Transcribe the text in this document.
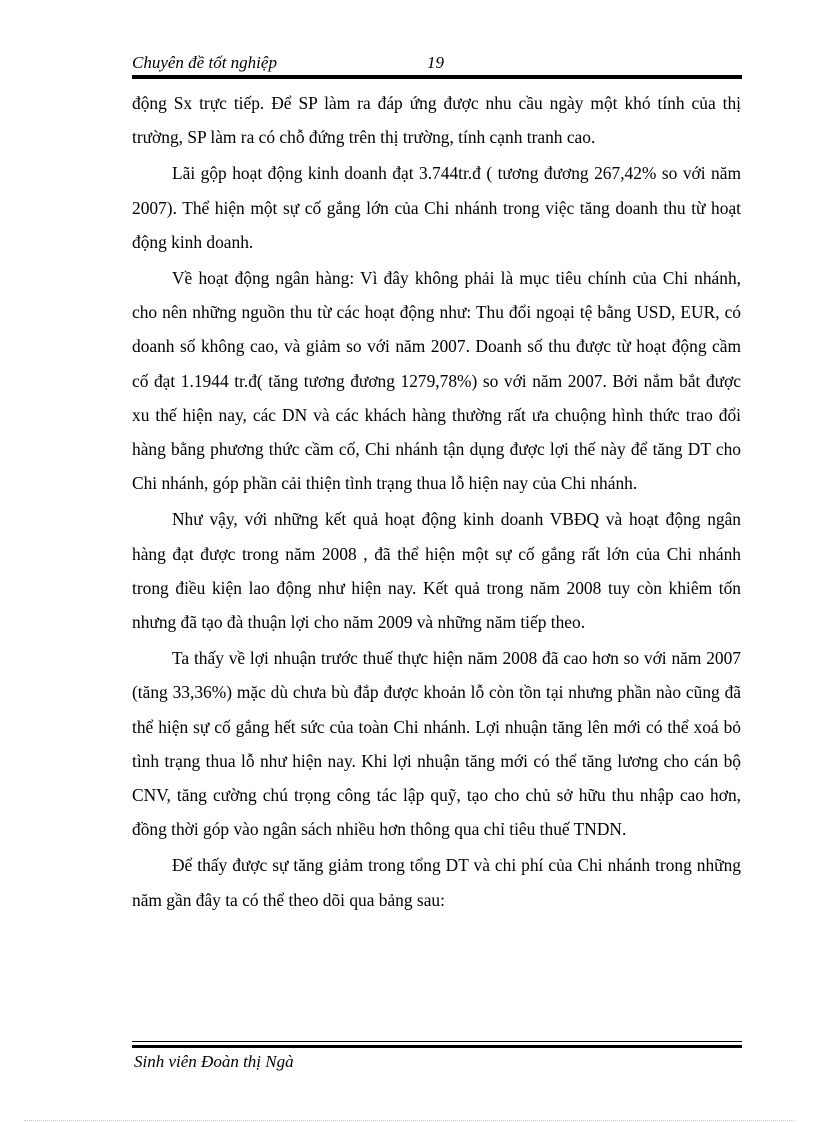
Chuyên đề tốt nghiệp	19

động Sx trực tiếp. Để SP làm ra đáp ứng được nhu cầu ngày một khó tính của thị trường, SP làm ra có chỗ đứng trên thị trường, tính cạnh tranh cao.

Lãi gộp hoạt động kinh doanh đạt 3.744tr.đ ( tương đương 267,42% so với năm 2007). Thể hiện một sự cố gắng lớn của Chi nhánh trong việc tăng doanh thu từ hoạt động kinh doanh.

Về hoạt động ngân hàng: Vì đây không phải là mục tiêu chính của Chi nhánh, cho nên những nguồn thu từ các hoạt động như: Thu đổi ngoại tệ bằng USD, EUR, có doanh số không cao, và giảm so với năm 2007. Doanh số thu được từ hoạt động cầm cố đạt 1.1944 tr.đ( tăng tương đương 1279,78%) so với năm 2007. Bởi nắm bắt được xu thế hiện nay, các DN và các khách hàng thường rất ưa chuộng hình thức trao đổi hàng bằng phương thức cầm cố, Chi nhánh tận dụng được lợi thế này để tăng DT cho Chi nhánh, góp phần cải thiện tình trạng thua lỗ hiện nay của Chi nhánh.

Như vậy, với những kết quả hoạt động kinh doanh VBĐQ và hoạt động ngân hàng đạt được trong năm 2008 , đã thể hiện một sự cố gắng rất lớn của Chi nhánh trong điều kiện lao động như hiện nay. Kết quả trong năm 2008 tuy còn khiêm tốn nhưng đã tạo đà thuận lợi cho năm 2009 và những năm tiếp theo.

Ta thấy về lợi nhuận trước thuế thực hiện năm 2008 đã cao hơn so với năm 2007 (tăng 33,36%) mặc dù chưa bù đắp được khoản lỗ còn tồn tại nhưng phần nào cũng đã thể hiện sự cố gắng hết sức của toàn Chi nhánh. Lợi nhuận tăng lên mới có thể xoá bỏ tình trạng thua lỗ như hiện nay. Khi lợi nhuận tăng mới có thể tăng lương cho cán bộ CNV, tăng cường chú trọng công tác lập quỹ, tạo cho chủ sở hữu thu nhập cao hơn, đồng thời góp vào ngân sách nhiều hơn thông qua chỉ tiêu thuế TNDN.

Để thấy được sự tăng giảm trong tổng DT và chi phí của Chi nhánh trong những năm gần đây ta có thể theo dõi qua bảng sau:

Sinh viên Đoàn thị Ngà
